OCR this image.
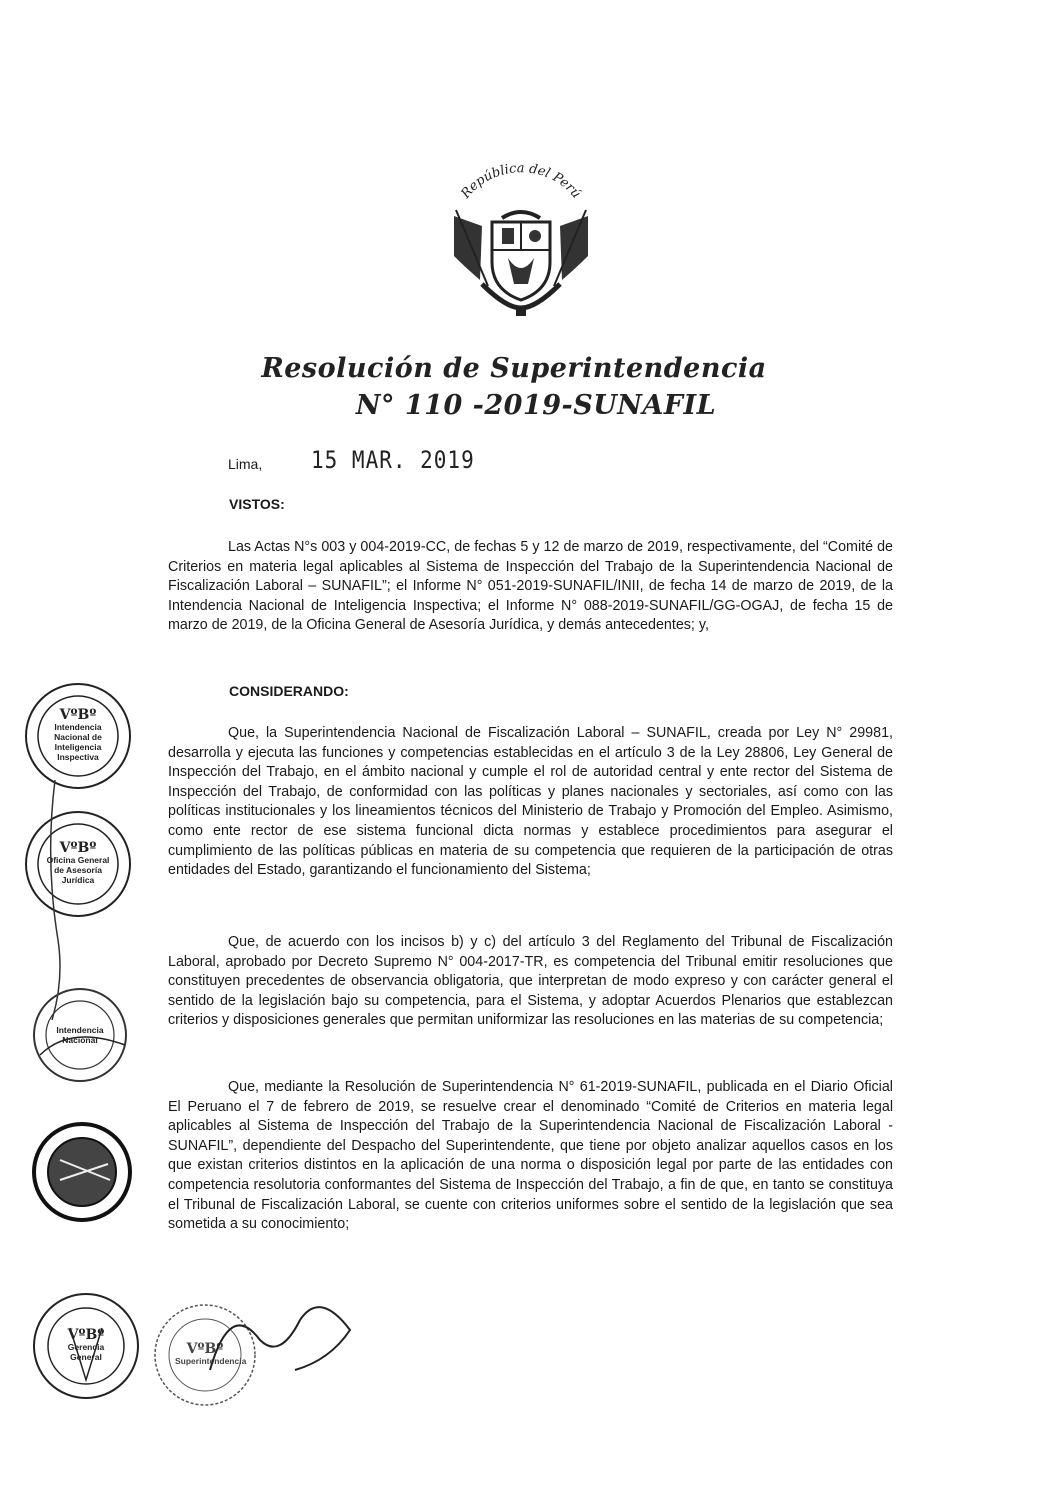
República del Perú
Resolución de Superintendencia
N° 110 -2019-SUNAFIL
Lima, 15 MAR. 2019
VISTOS:
Las Actas N°s 003 y 004-2019-CC, de fechas 5 y 12 de marzo de 2019, respectivamente, del “Comité de Criterios en materia legal aplicables al Sistema de Inspección del Trabajo de la Superintendencia Nacional de Fiscalización Laboral – SUNAFIL”; el Informe N° 051-2019-SUNAFIL/INII, de fecha 14 de marzo de 2019, de la Intendencia Nacional de Inteligencia Inspectiva; el Informe N° 088-2019-SUNAFIL/GG-OGAJ, de fecha 15 de marzo de 2019, de la Oficina General de Asesoría Jurídica, y demás antecedentes; y,
CONSIDERANDO:
Que, la Superintendencia Nacional de Fiscalización Laboral – SUNAFIL, creada por Ley N° 29981, desarrolla y ejecuta las funciones y competencias establecidas en el artículo 3 de la Ley 28806, Ley General de Inspección del Trabajo, en el ámbito nacional y cumple el rol de autoridad central y ente rector del Sistema de Inspección del Trabajo, de conformidad con las políticas y planes nacionales y sectoriales, así como con las políticas institucionales y los lineamientos técnicos del Ministerio de Trabajo y Promoción del Empleo. Asimismo, como ente rector de ese sistema funcional dicta normas y establece procedimientos para asegurar el cumplimiento de las políticas públicas en materia de su competencia que requieren de la participación de otras entidades del Estado, garantizando el funcionamiento del Sistema;
Que, de acuerdo con los incisos b) y c) del artículo 3 del Reglamento del Tribunal de Fiscalización Laboral, aprobado por Decreto Supremo N° 004-2017-TR, es competencia del Tribunal emitir resoluciones que constituyen precedentes de observancia obligatoria, que interpretan de modo expreso y con carácter general el sentido de la legislación bajo su competencia, para el Sistema, y adoptar Acuerdos Plenarios que establezcan criterios y disposiciones generales que permitan uniformizar las resoluciones en las materias de su competencia;
Que, mediante la Resolución de Superintendencia N° 61-2019-SUNAFIL, publicada en el Diario Oficial El Peruano el 7 de febrero de 2019, se resuelve crear el denominado “Comité de Criterios en materia legal aplicables al Sistema de Inspección del Trabajo de la Superintendencia Nacional de Fiscalización Laboral - SUNAFIL”, dependiente del Despacho del Superintendente, que tiene por objeto analizar aquellos casos en los que existan criterios distintos en la aplicación de una norma o disposición legal por parte de las entidades con competencia resolutoria conformantes del Sistema de Inspección del Trabajo, a fin de que, en tanto se constituya el Tribunal de Fiscalización Laboral, se cuente con criterios uniformes sobre el sentido de la legislación que sea sometida a su conocimiento;
VºBº
Intendencia Nacional de Inteligencia Inspectiva
VºBº
Oficina General de Asesoría Jurídica
Intendencia Nacional
VºBº
Gerencia General	VºBº
Superintendencia
